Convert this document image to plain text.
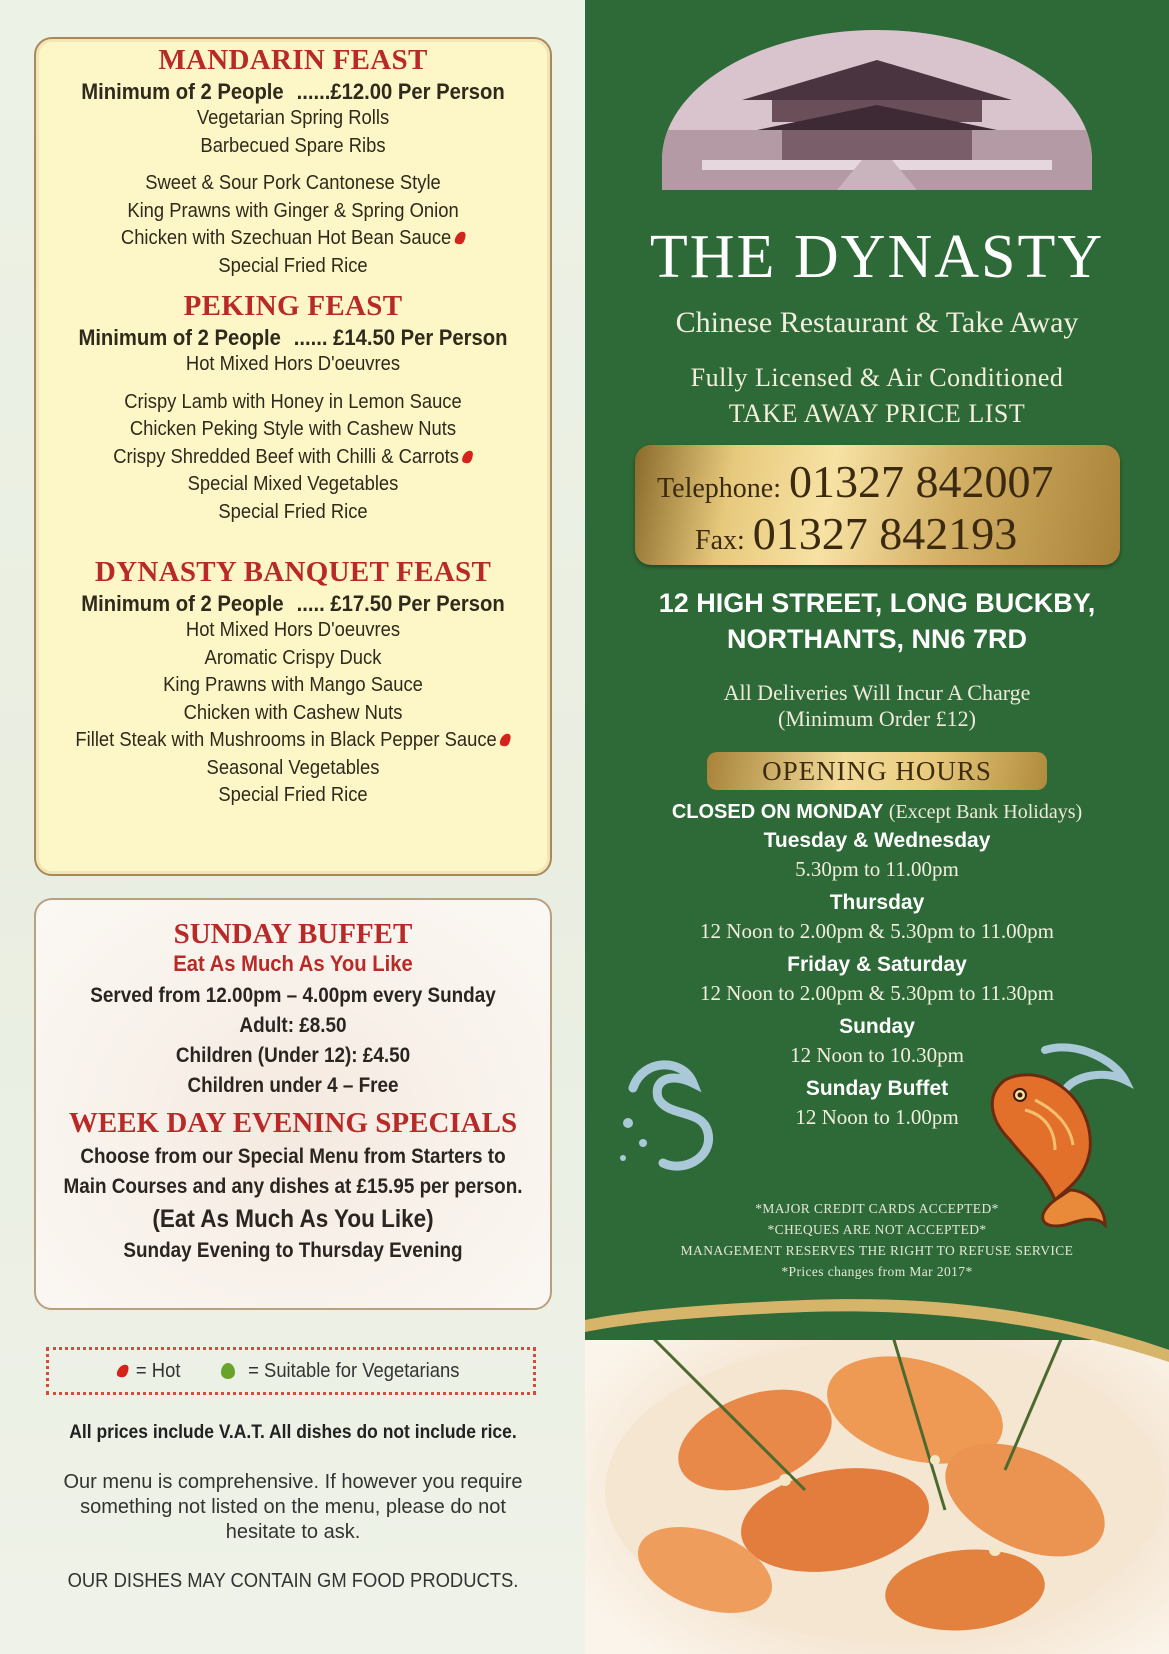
MANDARIN FEAST
Minimum of 2 People ......£12.00 Per Person
Vegetarian Spring Rolls
Barbecued Spare Ribs
Sweet & Sour Pork Cantonese Style
King Prawns with Ginger & Spring Onion
Chicken with Szechuan Hot Bean Sauce
Special Fried Rice
PEKING FEAST
Minimum of 2 People ...... £14.50 Per Person
Hot Mixed Hors D'oeuvres
Crispy Lamb with Honey in Lemon Sauce
Chicken Peking Style with Cashew Nuts
Crispy Shredded Beef with Chilli & Carrots
Special Mixed Vegetables
Special Fried Rice
DYNASTY BANQUET FEAST
Minimum of 2 People ..... £17.50 Per Person
Hot Mixed Hors D'oeuvres
Aromatic Crispy Duck
King Prawns with Mango Sauce
Chicken with Cashew Nuts
Fillet Steak with Mushrooms in Black Pepper Sauce
Seasonal Vegetables
Special Fried Rice
SUNDAY BUFFET
Eat As Much As You Like
Served from 12.00pm – 4.00pm every Sunday
Adult: £8.50
Children (Under 12): £4.50
Children under 4 – Free
WEEK DAY EVENING SPECIALS
Choose from our Special Menu from Starters to
Main Courses and any dishes at £15.95 per person.
(Eat As Much As You Like)
Sunday Evening to Thursday Evening
= Hot	= Suitable for Vegetarians
All prices include V.A.T. All dishes do not include rice.
Our menu is comprehensive. If however you require
something not listed on the menu, please do not
hesitate to ask.
OUR DISHES MAY CONTAIN GM FOOD PRODUCTS.
THE DYNASTY
Chinese Restaurant & Take Away
Fully Licensed & Air Conditioned
TAKE AWAY PRICE LIST
Telephone: 01327 842007
Fax: 01327 842193
12 HIGH STREET, LONG BUCKBY,
NORTHANTS, NN6 7RD
All Deliveries Will Incur A Charge
(Minimum Order £12)
OPENING HOURS
CLOSED ON MONDAY (Except Bank Holidays)
Tuesday & Wednesday
5.30pm to 11.00pm
Thursday
12 Noon to 2.00pm & 5.30pm to 11.00pm
Friday & Saturday
12 Noon to 2.00pm & 5.30pm to 11.30pm
Sunday
12 Noon to 10.30pm
Sunday Buffet
12 Noon to 1.00pm
*MAJOR CREDIT CARDS ACCEPTED*
*CHEQUES ARE NOT ACCEPTED*
MANAGEMENT RESERVES THE RIGHT TO REFUSE SERVICE
*Prices changes from Mar 2017*
